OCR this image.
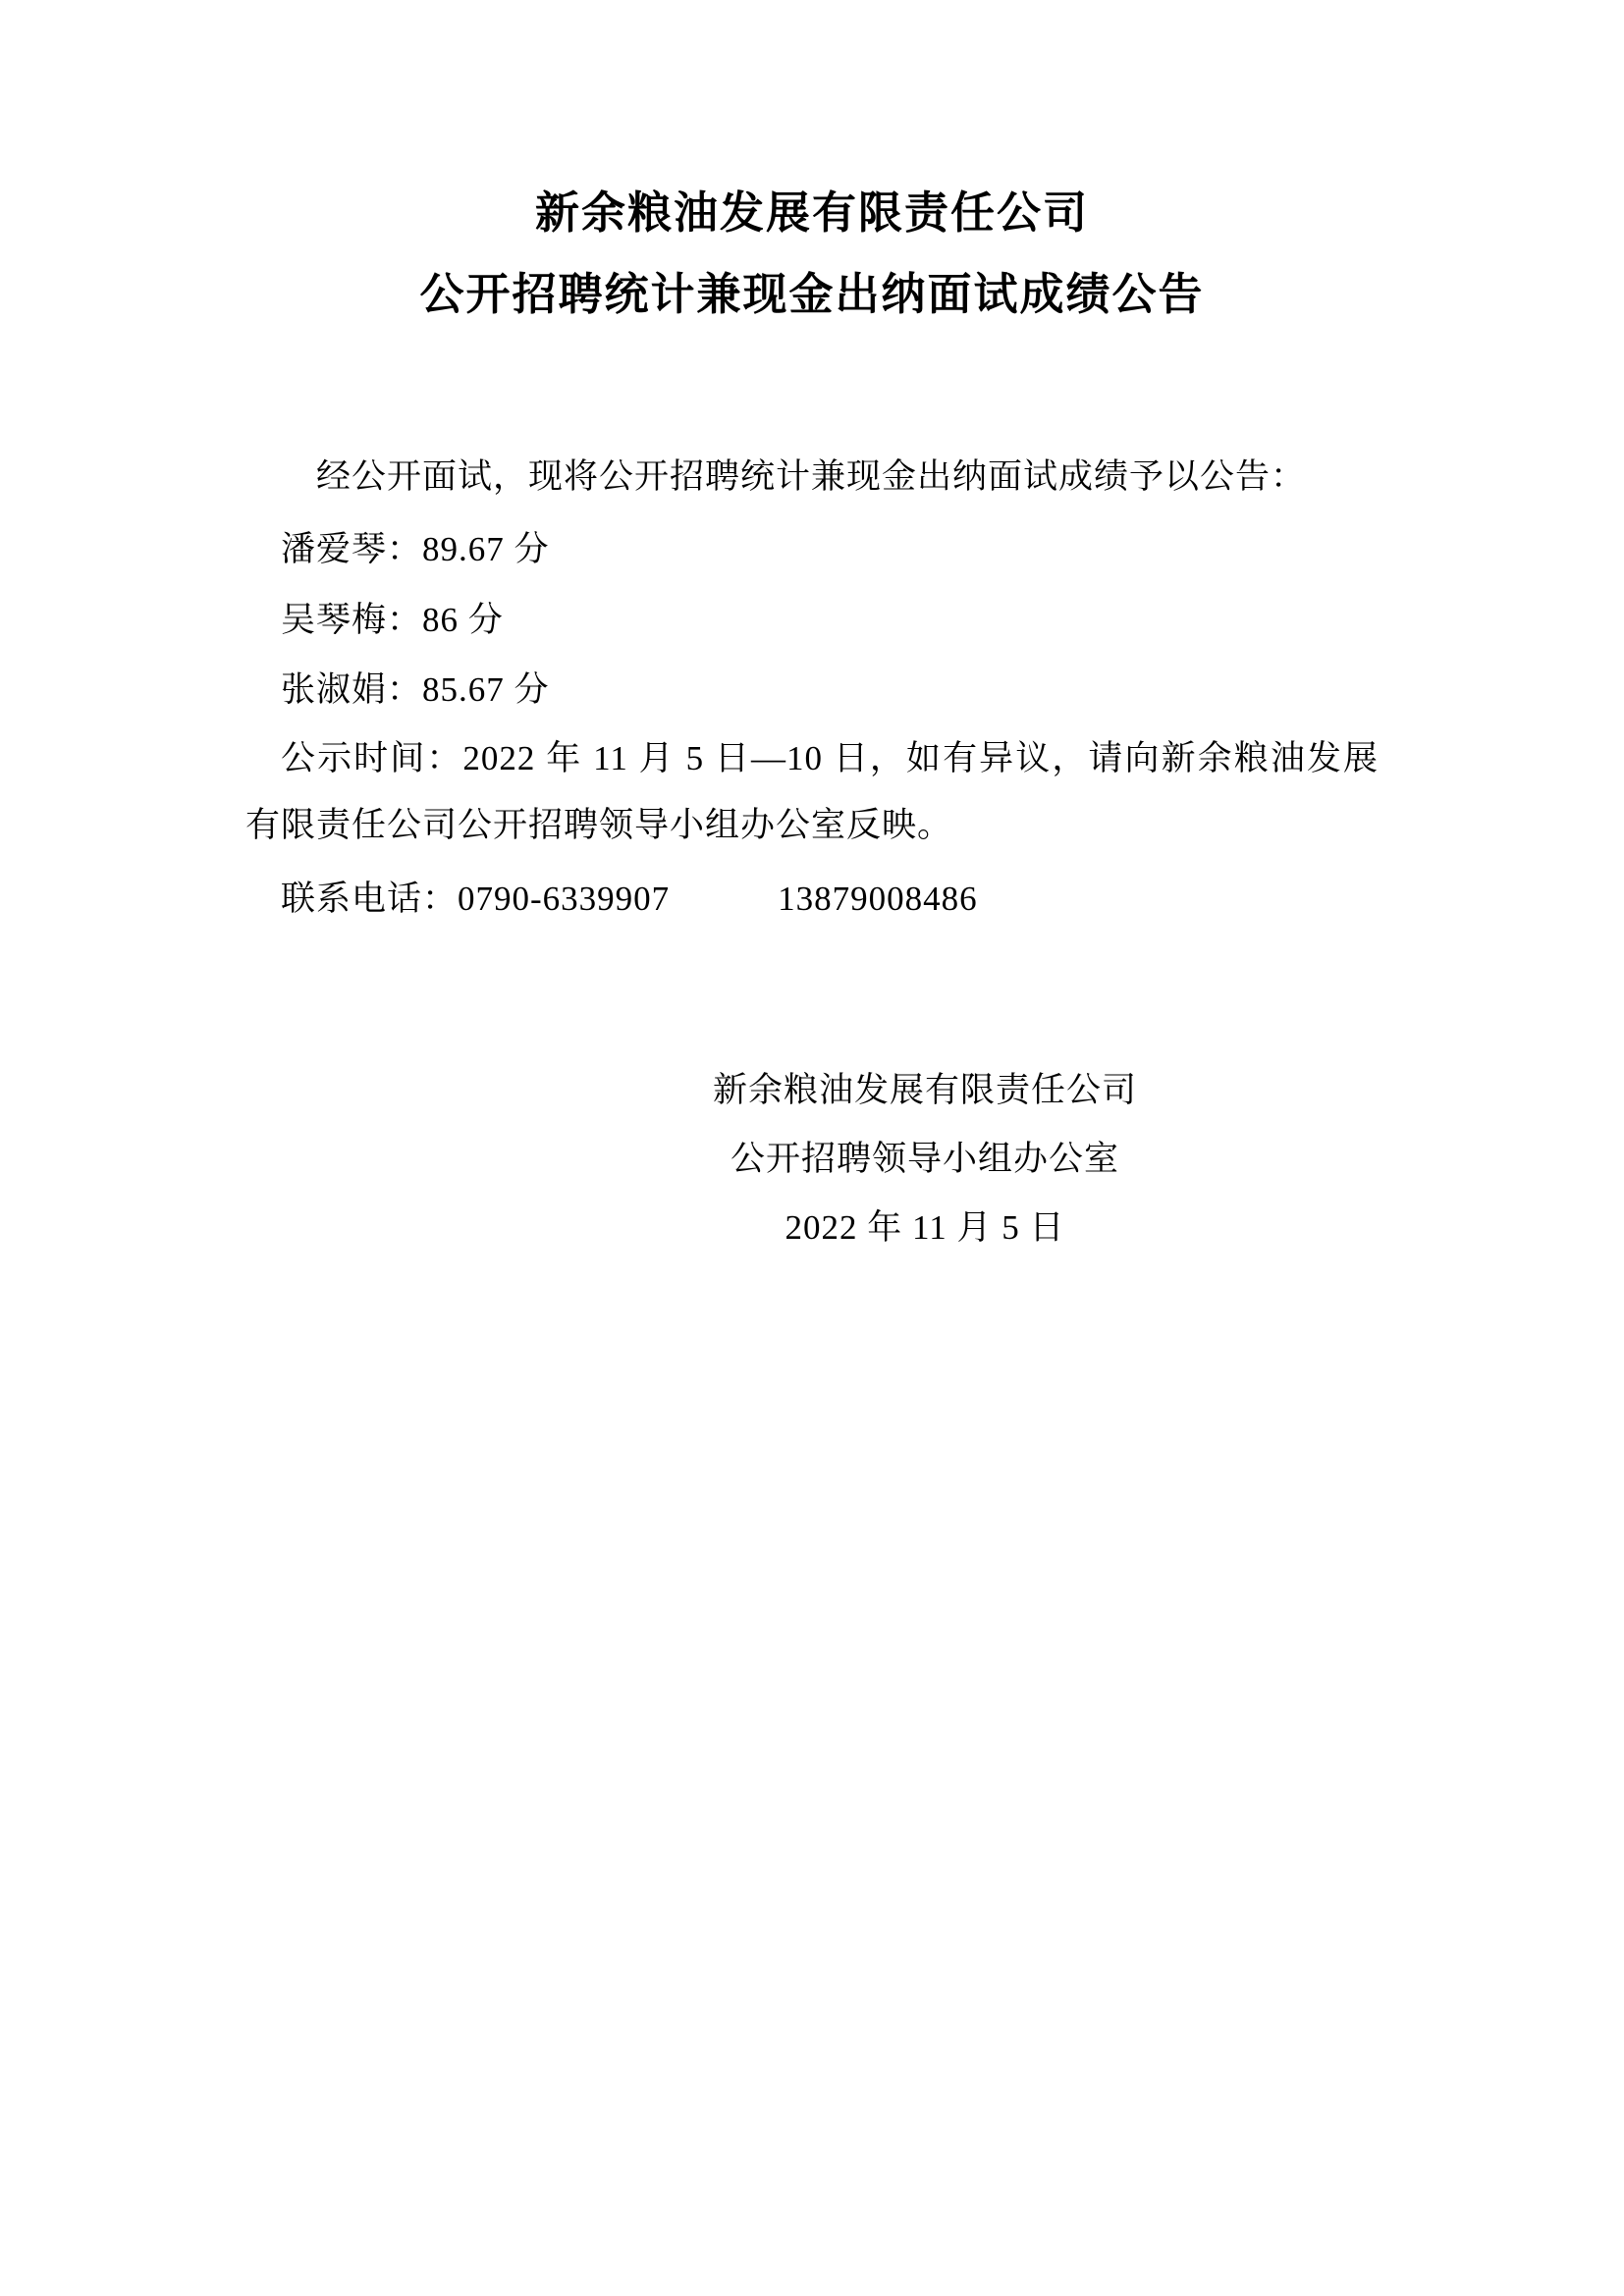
新余粮油发展有限责任公司
公开招聘统计兼现金出纳面试成绩公告

经公开面试，现将公开招聘统计兼现金出纳面试成绩予以公告：

潘爱琴：89.67 分

吴琴梅：86 分

张淑娟：85.67 分

公示时间：2022 年 11 月 5 日—10 日，如有异议，请向新余粮油发展有限责任公司公开招聘领导小组办公室反映。

联系电话：0790-6339907	13879008486

新余粮油发展有限责任公司
公开招聘领导小组办公室
2022 年 11 月 5 日
